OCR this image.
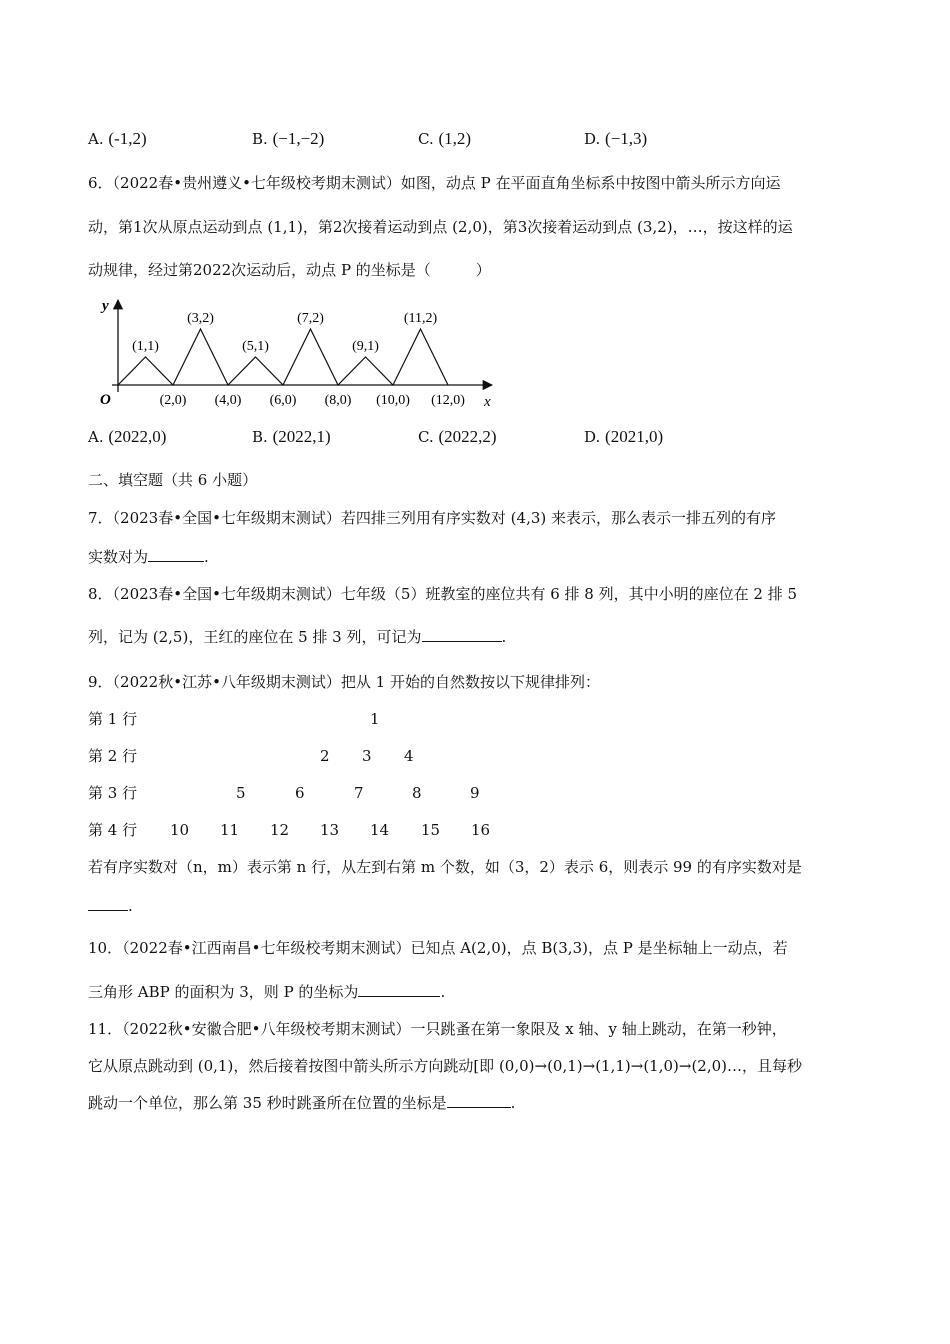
A. (-1,2)	B. (−1,−2)	C. (1,2)	D. (−1,3)
6．（2022春•贵州遵义•七年级校考期末测试）如图，动点 P 在平面直角坐标系中按图中箭头所示方向运
动，第1次从原点运动到点 (1,1)，第2次接着运动到点 (2,0)，第3次接着运动到点 (3,2)，…，按这样的运
动规律，经过第2022次运动后，动点 P 的坐标是（　　　）
y
x
O
(1,1)
(3,2)
(5,1)
(7,2)
(9,1)
(11,2)
(2,0) (4,0) (6,0) (8,0) (10,0) (12,0)
A. (2022,0)	B. (2022,1)	C. (2022,2)	D. (2021,0)
二、填空题（共 6 小题）
7．（2023春•全国•七年级期末测试）若四排三列用有序实数对 (4,3) 来表示，那么表示一排五列的有序
实数对为	.
8．（2023春•全国•七年级期末测试）七年级（5）班教室的座位共有 6 排 8 列，其中小明的座位在 2 排 5
列，记为 (2,5)，王红的座位在 5 排 3 列，可记为	.
9．（2022秋•江苏•八年级期末测试）把从 1 开始的自然数按以下规律排列：
第 1 行	1
第 2 行	2 3 4
第 3 行	5	6	7	8	9
第 4 行 10 11 12 13 14 15 16
若有序实数对（n，m）表示第 n 行，从左到右第 m 个数，如（3，2）表示 6，则表示 99 的有序实数对是
.
10．（2022春•江西南昌•七年级校考期末测试）已知点 A(2,0)，点 B(3,3)，点 P 是坐标轴上一动点，若
三角形 ABP 的面积为 3，则 P 的坐标为	.
11．（2022秋•安徽合肥•八年级校考期末测试）一只跳蚤在第一象限及 x 轴、y 轴上跳动，在第一秒钟，
它从原点跳动到 (0,1)，然后接着按图中箭头所示方向跳动[即 (0,0)→(0,1)→(1,1)→(1,0)→(2,0)…，且每秒
跳动一个单位，那么第 35 秒时跳蚤所在位置的坐标是	.
